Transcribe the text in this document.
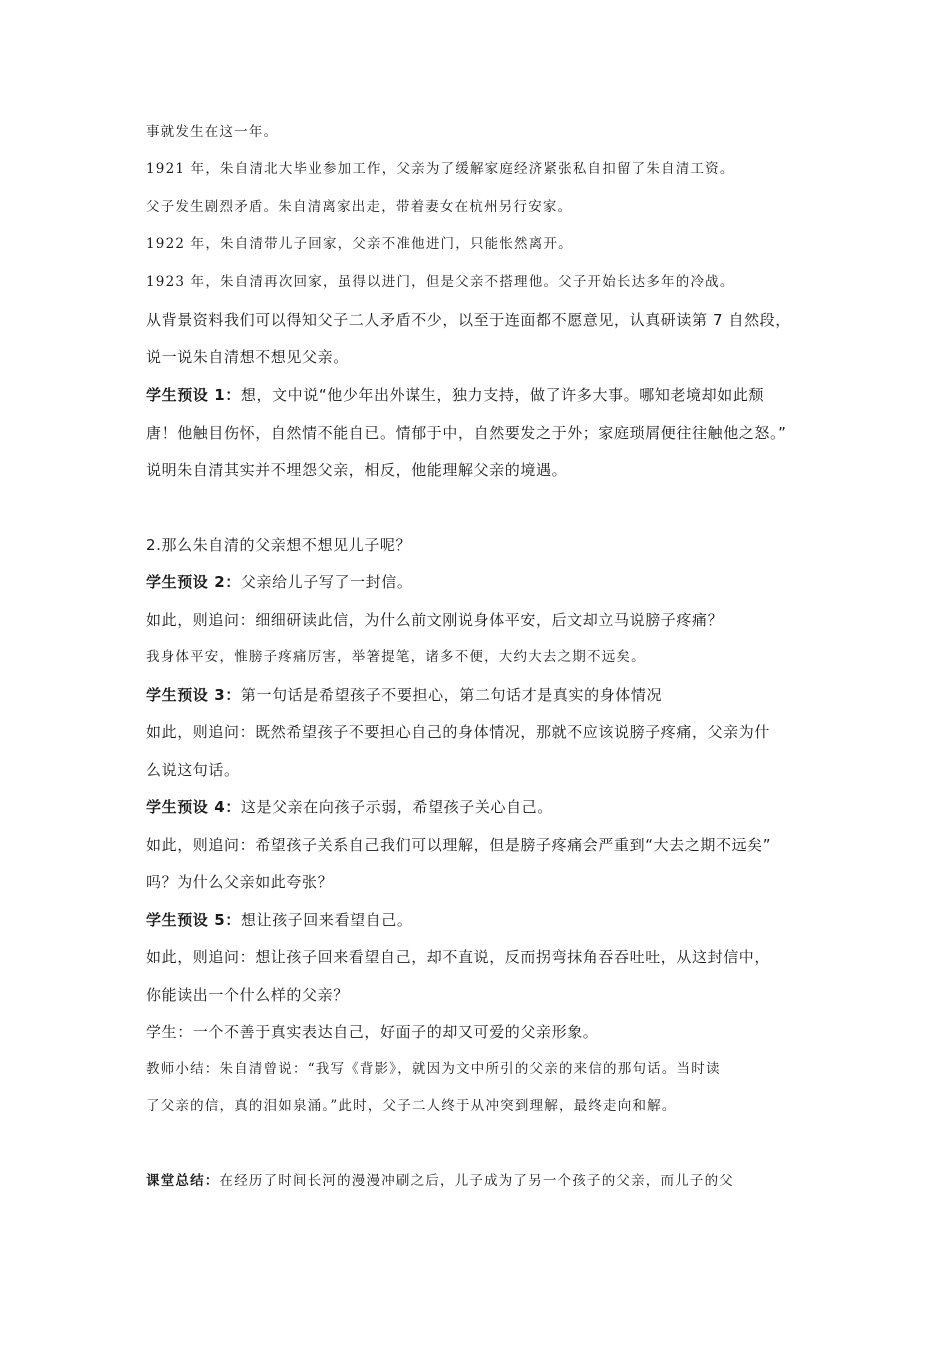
事就发生在这一年。
1921 年，朱自清北大毕业参加工作，父亲为了缓解家庭经济紧张私自扣留了朱自清工资。
父子发生剧烈矛盾。朱自清离家出走，带着妻女在杭州另行安家。
1922 年，朱自清带儿子回家，父亲不准他进门，只能怅然离开。
1923 年，朱自清再次回家，虽得以进门，但是父亲不搭理他。父子开始长达多年的冷战。
从背景资料我们可以得知父子二人矛盾不少，以至于连面都不愿意见，认真研读第 7 自然段，
说一说朱自清想不想见父亲。
学生预设 1：想，文中说“他少年出外谋生，独力支持，做了许多大事。哪知老境却如此颓
唐！他触目伤怀，自然情不能自已。情郁于中，自然要发之于外；家庭琐屑便往往触他之怒。”
说明朱自清其实并不埋怨父亲，相反，他能理解父亲的境遇。
2.那么朱自清的父亲想不想见儿子呢？
学生预设 2：父亲给儿子写了一封信。
如此，则追问：细细研读此信，为什么前文刚说身体平安，后文却立马说膀子疼痛？
我身体平安，惟膀子疼痛厉害，举箸提笔，诸多不便，大约大去之期不远矣。
学生预设 3：第一句话是希望孩子不要担心，第二句话才是真实的身体情况
如此，则追问：既然希望孩子不要担心自己的身体情况，那就不应该说膀子疼痛，父亲为什
么说这句话。
学生预设 4：这是父亲在向孩子示弱，希望孩子关心自己。
如此，则追问：希望孩子关系自己我们可以理解，但是膀子疼痛会严重到“大去之期不远矣”
吗？为什么父亲如此夸张？
学生预设 5：想让孩子回来看望自己。
如此，则追问：想让孩子回来看望自己，却不直说，反而拐弯抹角吞吞吐吐，从这封信中，
你能读出一个什么样的父亲？
学生：一个不善于真实表达自己，好面子的却又可爱的父亲形象。
教师小结：朱自清曾说：“我写《背影》，就因为文中所引的父亲的来信的那句话。当时读
了父亲的信，真的泪如泉涌。”此时，父子二人终于从冲突到理解，最终走向和解。
课堂总结：在经历了时间长河的漫漫冲刷之后，儿子成为了另一个孩子的父亲，而儿子的父
